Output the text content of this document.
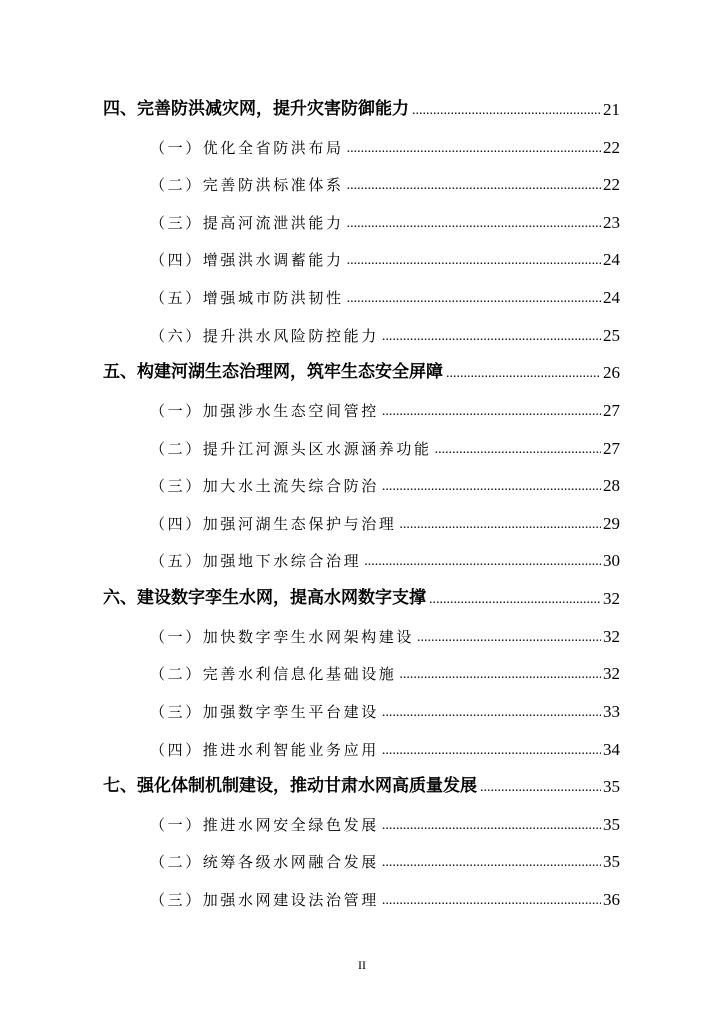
四、完善防洪减灾网，提升灾害防御能力 .....	21
（一）优化全省防洪布局 .....	22
（二）完善防洪标准体系 .....	22
（三）提高河流泄洪能力 .....	23
（四）增强洪水调蓄能力 .....	24
（五）增强城市防洪韧性 .....	24
（六）提升洪水风险防控能力 .....	25
五、构建河湖生态治理网，筑牢生态安全屏障 .....	26
（一）加强涉水生态空间管控 .....	27
（二）提升江河源头区水源涵养功能 .....	27
（三）加大水土流失综合防治 .....	28
（四）加强河湖生态保护与治理 .....	29
（五）加强地下水综合治理 .....	30
六、建设数字孪生水网，提高水网数字支撑 .....	32
（一）加快数字孪生水网架构建设 .....	32
（二）完善水利信息化基础设施 .....	32
（三）加强数字孪生平台建设 .....	33
（四）推进水利智能业务应用 .....	34
七、强化体制机制建设，推动甘肃水网高质量发展 .....	35
（一）推进水网安全绿色发展 .....	35
（二）统筹各级水网融合发展 .....	35
（三）加强水网建设法治管理 .....	36
II
